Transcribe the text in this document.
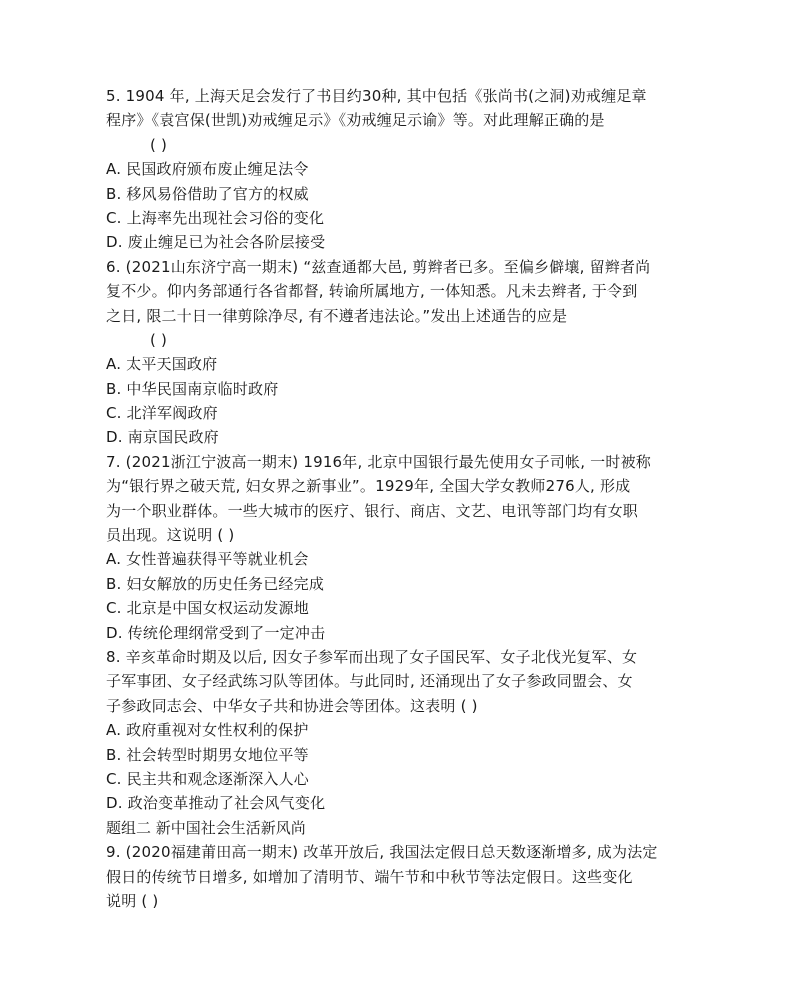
5. 1904 年, 上海天足会发行了书目约30种, 其中包括《张尚书(之洞)劝戒缠足章
程序》《袁宫保(世凯)劝戒缠足示》《劝戒缠足示谕》等。对此理解正确的是
( )
A. 民国政府颁布废止缠足法令
B. 移风易俗借助了官方的权威
C. 上海率先出现社会习俗的变化
D. 废止缠足已为社会各阶层接受
6. (2021山东济宁高一期末) “兹查通都大邑, 剪辫者已多。至偏乡僻壤, 留辫者尚
复不少。仰内务部通行各省都督, 转谕所属地方, 一体知悉。凡未去辫者, 于令到
之日, 限二十日一律剪除净尽, 有不遵者违法论。”发出上述通告的应是
( )
A. 太平天国政府
B. 中华民国南京临时政府
C. 北洋军阀政府
D. 南京国民政府
7. (2021浙江宁波高一期末) 1916年, 北京中国银行最先使用女子司帐, 一时被称
为“银行界之破天荒, 妇女界之新事业”。1929年, 全国大学女教师276人, 形成
为一个职业群体。一些大城市的医疗、银行、商店、文艺、电讯等部门均有女职
员出现。这说明 ( )
A. 女性普遍获得平等就业机会
B. 妇女解放的历史任务已经完成
C. 北京是中国女权运动发源地
D. 传统伦理纲常受到了一定冲击
8. 辛亥革命时期及以后, 因女子参军而出现了女子国民军、女子北伐光复军、女
子军事团、女子经武练习队等团体。与此同时, 还涌现出了女子参政同盟会、女
子参政同志会、中华女子共和协进会等团体。这表明 ( )
A. 政府重视对女性权利的保护
B. 社会转型时期男女地位平等
C. 民主共和观念逐渐深入人心
D. 政治变革推动了社会风气变化
题组二 新中国社会生活新风尚
9. (2020福建莆田高一期末) 改革开放后, 我国法定假日总天数逐渐增多, 成为法定
假日的传统节日增多, 如增加了清明节、端午节和中秋节等法定假日。这些变化
说明 ( )
